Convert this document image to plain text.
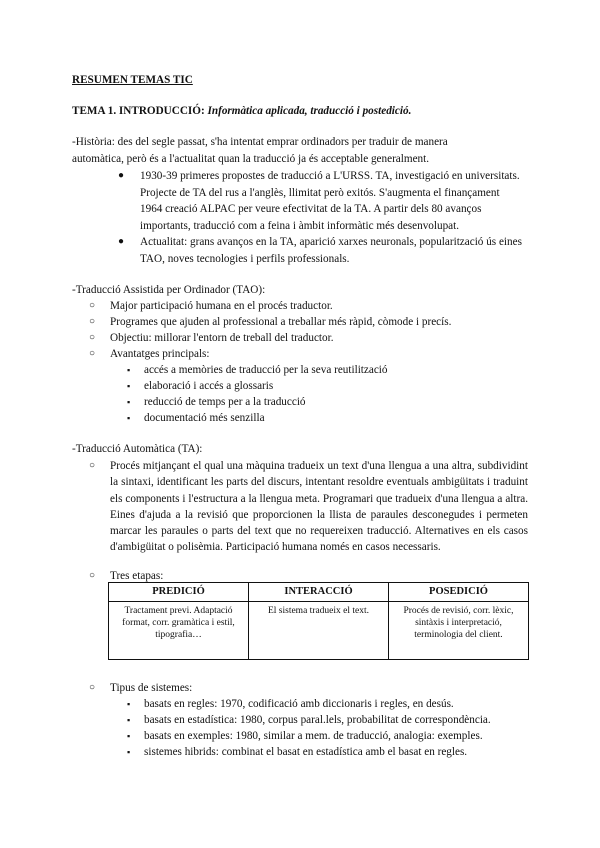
RESUMEN TEMAS TIC
TEMA 1. INTRODUCCIÓ: Informàtica aplicada, traducció i postedició.
-Història: des del segle passat, s'ha intentat emprar ordinadors per traduir de manera
automàtica, però és a l'actualitat quan la traducció ja és acceptable generalment.
● 1930-39 primeres propostes de traducció a L'URSS. TA, investigació en universitats.
Projecte de TA del rus a l'anglès, llimitat però exitós. S'augmenta el finançament
1964 creació ALPAC per veure efectivitat de la TA. A partir dels 80 avanços
importants, traducció com a feina i àmbit informàtic més desenvolupat.
● Actualitat: grans avanços en la TA, aparició xarxes neuronals, popularització ús eines
TAO, noves tecnologies i perfils professionals.
-Traducció Assistida per Ordinador (TAO):
○ Major participació humana en el procés traductor.
○ Programes que ajuden al professional a treballar més ràpid, còmode i precís.
○ Objectiu: millorar l'entorn de treball del traductor.
○ Avantatges principals:
▪ accés a memòries de traducció per la seva reutilització
▪ elaboració i accés a glossaris
▪ reducció de temps per a la traducció
▪ documentació més senzilla
-Traducció Automàtica (TA):
○ Procés mitjançant el qual una màquina tradueix un text d'una llengua a una altra, subdividint la sintaxi, identificant les parts del discurs, intentant resoldre eventuals ambigüitats i traduint els components i l'estructura a la llengua meta. Programari que tradueix d'una llengua a altra. Eines d'ajuda a la revisió que proporcionen la llista de paraules desconegudes i permeten marcar les paraules o parts del text que no requereixen traducció. Alternatives en els casos d'ambigüitat o polisèmia. Participació humana només en casos necessaris.
○ Tres etapas:
PREDICIÓ	INTERACCIÓ	POSEDICIÓ
Tractament previ. Adaptació format, corr. gramàtica i estil, tipografia…	El sistema tradueix el text.	Procés de revisió, corr. lèxic, sintàxis i interpretació, terminologia del client.
○ Tipus de sistemes:
▪ basats en regles: 1970, codificació amb diccionaris i regles, en desús.
▪ basats en estadística: 1980, corpus paral.lels, probabilitat de correspondència.
▪ basats en exemples: 1980, similar a mem. de traducció, analogia: exemples.
▪ sistemes hibrids: combinat el basat en estadística amb el basat en regles.
